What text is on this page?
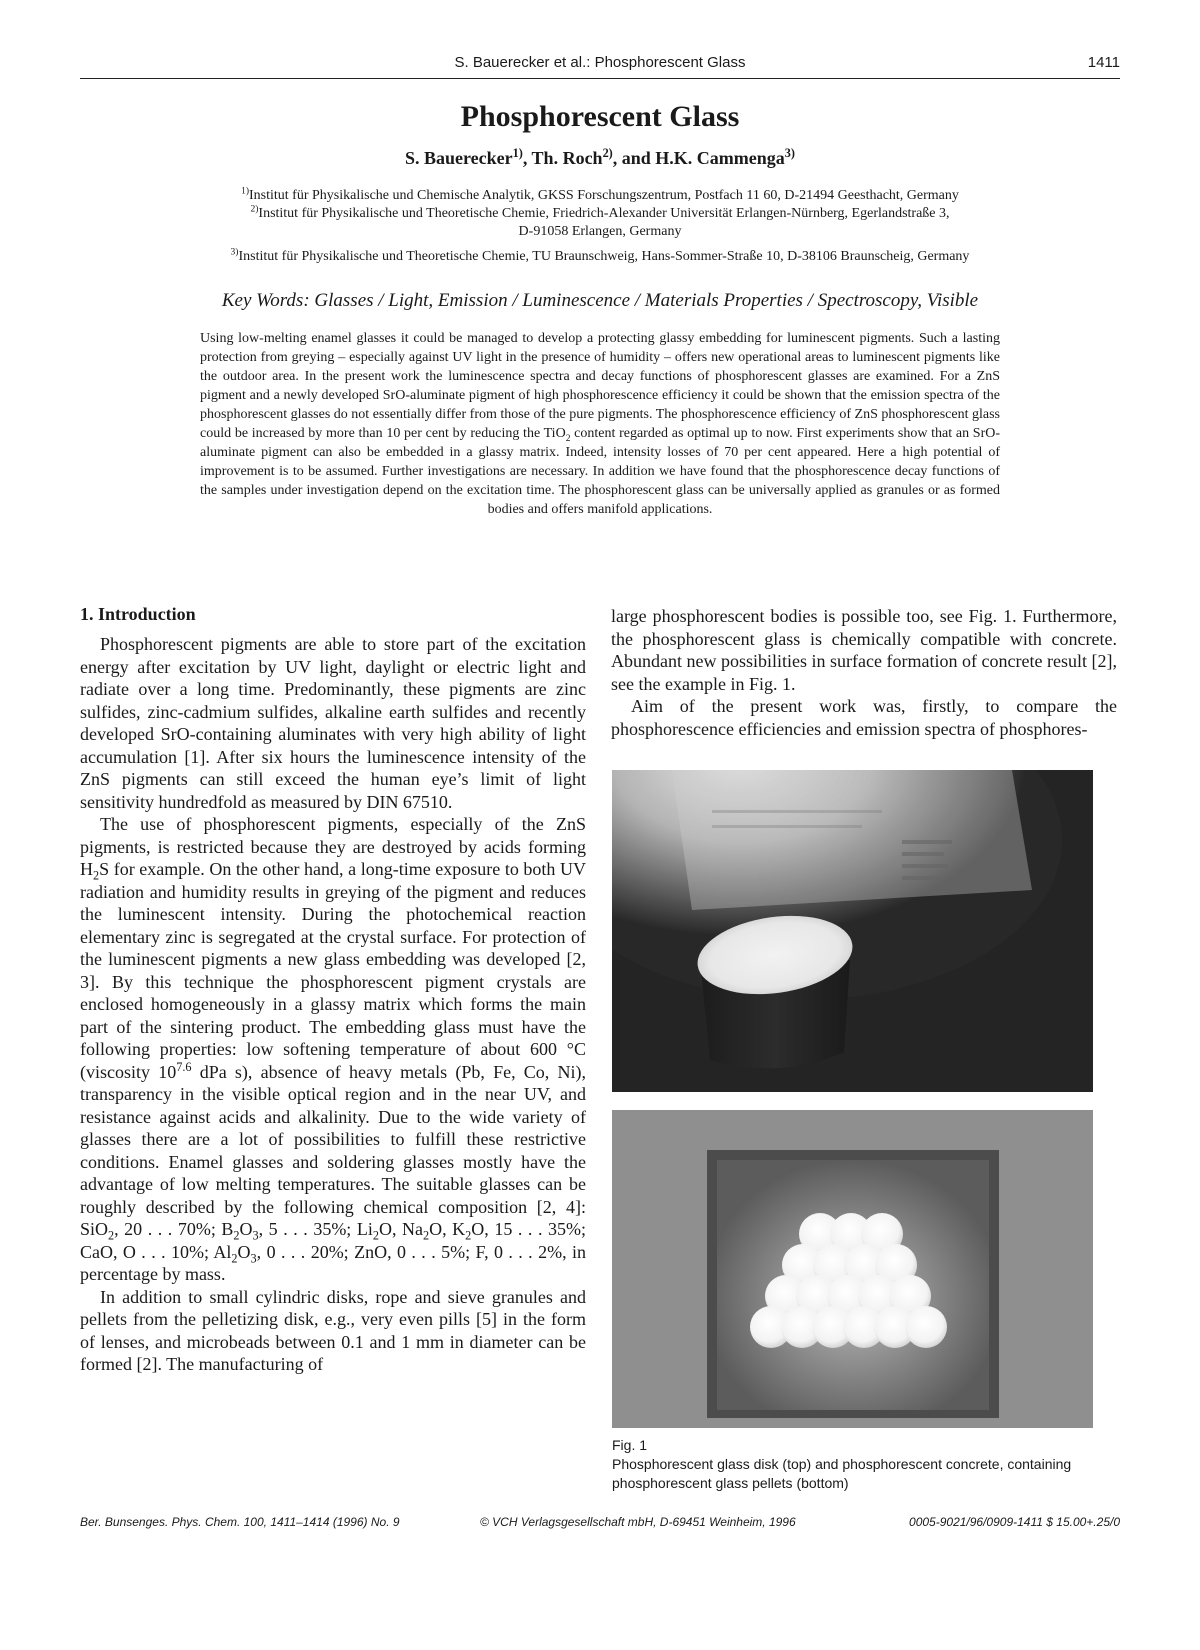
S. Bauerecker et al.: Phosphorescent Glass	1411
Phosphorescent Glass
S. Bauerecker$^{1)}$, Th. Roch$^{2)}$, and H.K. Cammenga$^{3)}$
$^{1)}$Institut für Physikalische und Chemische Analytik, GKSS Forschungszentrum, Postfach 11 60, D-21494 Geesthacht, Germany
$^{2)}$Institut für Physikalische und Theoretische Chemie, Friedrich-Alexander Universität Erlangen-Nürnberg, Egerlandstraße 3,
D-91058 Erlangen, Germany
$^{3)}$Institut für Physikalische und Theoretische Chemie, TU Braunschweig, Hans-Sommer-Straße 10, D-38106 Braunscheig, Germany
Key Words: Glasses / Light, Emission / Luminescence / Materials Properties / Spectroscopy, Visible
Using low-melting enamel glasses it could be managed to develop a protecting glassy embedding for luminescent pigments. Such a lasting protection from greying – especially against UV light in the presence of humidity – offers new operational areas to luminescent pigments like the outdoor area. In the present work the luminescence spectra and decay functions of phosphorescent glasses are examined. For a ZnS pigment and a newly developed SrO-aluminate pigment of high phosphorescence efficiency it could be shown that the emission spectra of the phosphorescent glasses do not essentially differ from those of the pure pigments. The phosphorescence efficiency of ZnS phosphorescent glass could be increased by more than 10 per cent by reducing the TiO$_2$ content regarded as optimal up to now. First experiments show that an SrO-aluminate pigment can also be embedded in a glassy matrix. Indeed, intensity losses of 70 per cent appeared. Here a high potential of improvement is to be assumed. Further investigations are necessary. In addition we have found that the phosphorescence decay functions of the samples under investigation depend on the excitation time. The phosphorescent glass can be universally applied as granules or as formed bodies and offers manifold applications.
1. Introduction

Phosphorescent pigments are able to store part of the excitation energy after excitation by UV light, daylight or electric light and radiate over a long time. Predominantly, these pigments are zinc sulfides, zinc-cadmium sulfides, alkaline earth sulfides and recently developed SrO-containing aluminates with very high ability of light accumulation [1]. After six hours the luminescence intensity of the ZnS pigments can still exceed the human eye’s limit of light sensitivity hundredfold as measured by DIN 67510.

The use of phosphorescent pigments, especially of the ZnS pigments, is restricted because they are destroyed by acids forming $H_2S$ for example. On the other hand, a long-time exposure to both UV radiation and humidity results in greying of the pigment and reduces the luminescent intensity. During the photochemical reaction elementary zinc is segregated at the crystal surface. For protection of the luminescent pigments a new glass embedding was developed [2, 3]. By this technique the phosphorescent pigment crystals are enclosed homogeneously in a glassy matrix which forms the main part of the sintering product. The embedding glass must have the following properties: low softening temperature of about 600 °C (viscosity $10^{7.6}$ dPa s), absence of heavy metals (Pb, Fe, Co, Ni), transparency in the visible optical region and in the near UV, and resistance against acids and alkalinity. Due to the wide variety of glasses there are a lot of possibilities to fulfill these restrictive conditions. Enamel glasses and soldering glasses mostly have the advantage of low melting temperatures. The suitable glasses can be roughly described by the following chemical composition [2, 4]: SiO$_2$, 20 . . . 70%; $B_2O_3$, 5 . . . 35%; $Li_2O$, $Na_2O$, $K_2O$, 15 . . . 35%; CaO, O . . . 10%; $Al_2O_3$, 0 . . . 20%; ZnO, 0 . . . 5%; F, 0 . . . 2%, in percentage by mass.

In addition to small cylindric disks, rope and sieve granules and pellets from the pelletizing disk, e.g., very even pills [5] in the form of lenses, and microbeads between 0.1 and 1 mm in diameter can be formed [2]. The manufacturing of

large phosphorescent bodies is possible too, see Fig. 1. Furthermore, the phosphorescent glass is chemically compatible with concrete. Abundant new possibilities in surface formation of concrete result [2], see the example in Fig. 1.

Aim of the present work was, firstly, to compare the phosphorescence efficiencies and emission spectra of phosphores-

Fig. 1
Phosphorescent glass disk (top) and phosphorescent concrete, containing phosphorescent glass pellets (bottom)
Ber. Bunsenges. Phys. Chem. 100, 1411–1414 (1996) No. 9	© VCH Verlagsgesellschaft mbH, D-69451 Weinheim, 1996	0005-9021/96/0909-1411 $ 15.00+.25/0
